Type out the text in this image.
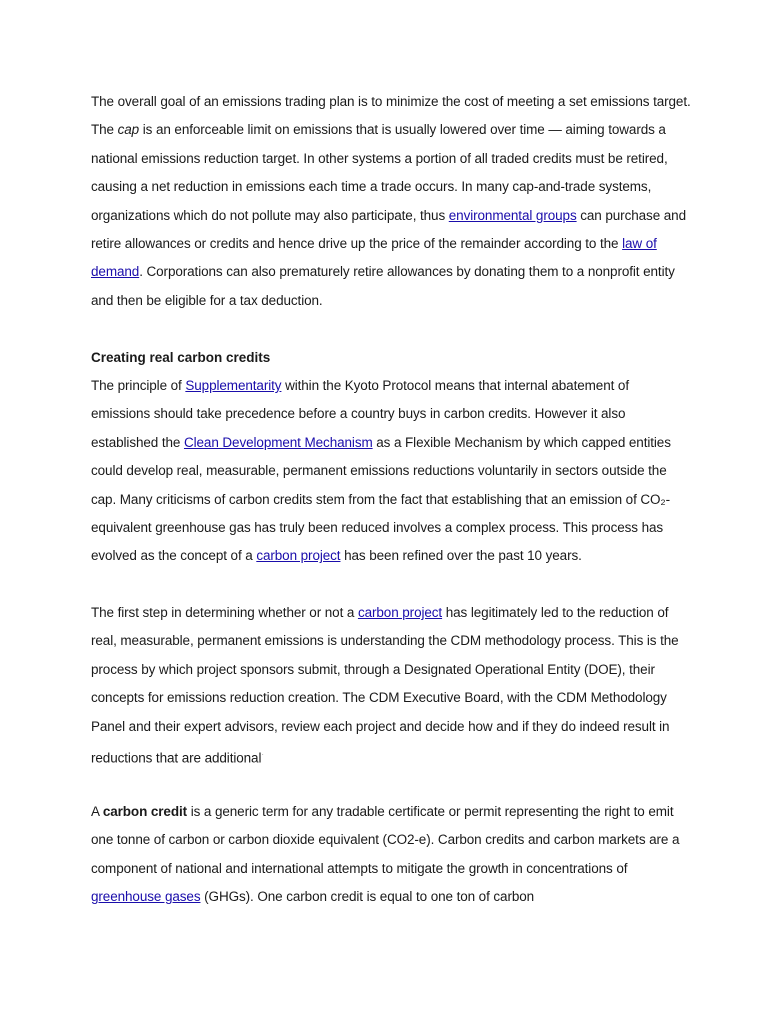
The overall goal of an emissions trading plan is to minimize the cost of meeting a set emissions target. The cap is an enforceable limit on emissions that is usually lowered over time — aiming towards a national emissions reduction target. In other systems a portion of all traded credits must be retired, causing a net reduction in emissions each time a trade occurs. In many cap-and-trade systems, organizations which do not pollute may also participate, thus environmental groups can purchase and retire allowances or credits and hence drive up the price of the remainder according to the law of demand. Corporations can also prematurely retire allowances by donating them to a nonprofit entity and then be eligible for a tax deduction.

Creating real carbon credits

The principle of Supplementarity within the Kyoto Protocol means that internal abatement of emissions should take precedence before a country buys in carbon credits. However it also established the Clean Development Mechanism as a Flexible Mechanism by which capped entities could develop real, measurable, permanent emissions reductions voluntarily in sectors outside the cap. Many criticisms of carbon credits stem from the fact that establishing that an emission of CO₂-equivalent greenhouse gas has truly been reduced involves a complex process. This process has evolved as the concept of a carbon project has been refined over the past 10 years.

The first step in determining whether or not a carbon project has legitimately led to the reduction of real, measurable, permanent emissions is understanding the CDM methodology process. This is the process by which project sponsors submit, through a Designated Operational Entity (DOE), their concepts for emissions reduction creation. The CDM Executive Board, with the CDM Methodology Panel and their expert advisors, review each project and decide how and if they do indeed result in reductions that are additional·

A carbon credit is a generic term for any tradable certificate or permit representing the right to emit one tonne of carbon or carbon dioxide equivalent (CO2-e). Carbon credits and carbon markets are a component of national and international attempts to mitigate the growth in concentrations of greenhouse gases (GHGs). One carbon credit is equal to one ton of carbon
